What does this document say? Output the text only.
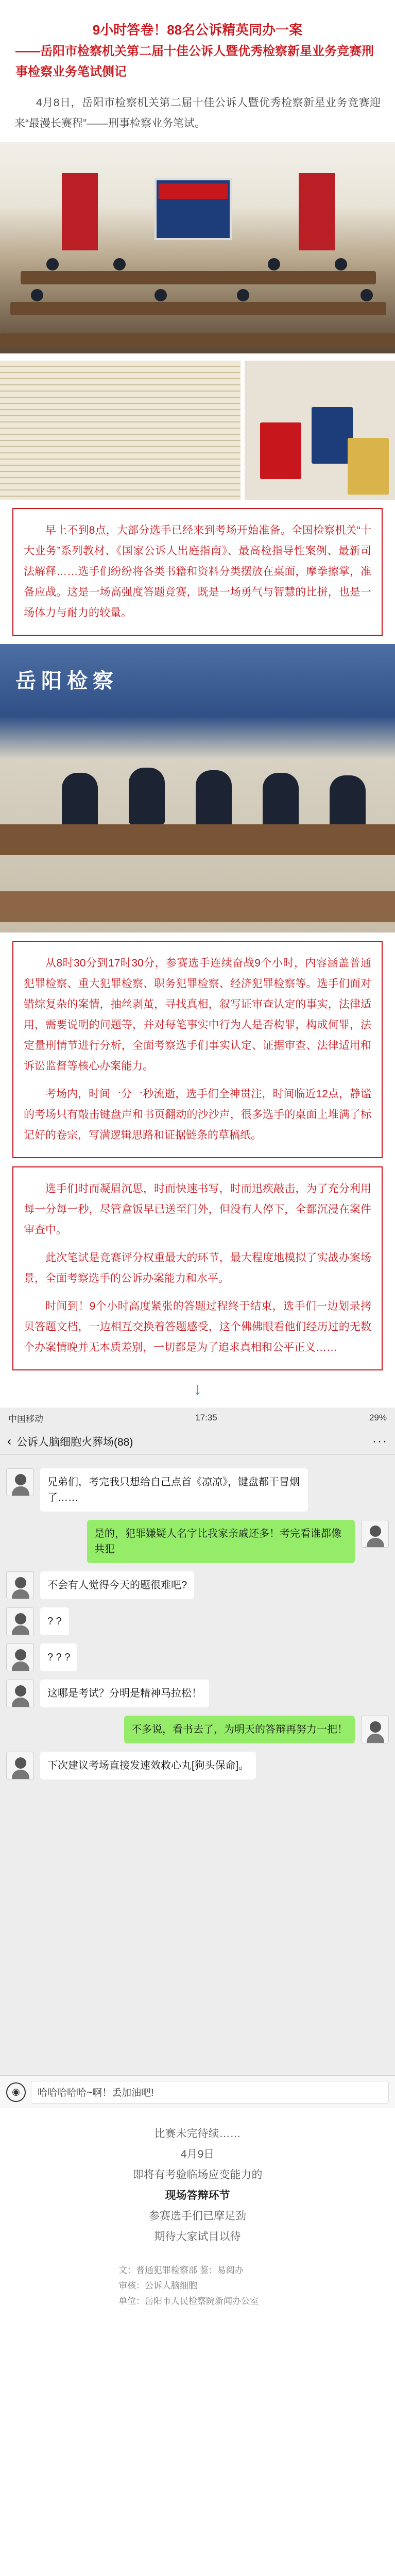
9小时答卷！88名公诉精英同办一案
——岳阳市检察机关第二届十佳公诉人暨优秀检察新星业务竞赛刑事检察业务笔试侧记

4月8日，岳阳市检察机关第二届十佳公诉人暨优秀检察新星业务竞赛迎来“最漫长赛程”——刑事检察业务笔试。

早上不到8点，大部分选手已经来到考场开始准备。全国检察机关“十大业务”系列教材、《国家公诉人出庭指南》、最高检指导性案例、最新司法解释……选手们纷纷将各类书籍和资料分类摆放在桌面，摩拳擦掌，准备应战。这是一场高强度答题竞赛，既是一场勇气与智慧的比拼，也是一场体力与耐力的较量。

岳阳检察

从8时30分到17时30分，参赛选手连续奋战9个小时，内容涵盖普通犯罪检察、重大犯罪检察、职务犯罪检察、经济犯罪检察等。选手们面对错综复杂的案情，抽丝剥茧，寻找真相，叙写证审查认定的事实，法律适用，需要说明的问题等，并对每笔事实中行为人是否构罪，构成何罪，法定量刑情节进行分析，全面考察选手们事实认定、证据审查、法律适用和诉讼监督等核心办案能力。

考场内，时间一分一秒流逝，选手们全神贯注，时间临近12点，静谧的考场只有敲击键盘声和书页翻动的沙沙声，很多选手的桌面上堆满了标记好的卷宗，写满逻辑思路和证据链条的草稿纸。

选手们时而凝眉沉思，时而快速书写，时而迅疾敲击，为了充分利用每一分每一秒，尽管盒饭早已送至门外，但没有人停下，全都沉浸在案件审查中。

此次笔试是竞赛评分权重最大的环节，最大程度地模拟了实战办案场景，全面考察选手的公诉办案能力和水平。

时间到！9个小时高度紧张的答题过程终于结束，选手们一边划录拷贝答题文档，一边相互交换着答题感受，这个佛佛眼看他们经历过的无数个办案情晚并无本质差别，一切都是为了追求真相和公平正义……

↓
中国移动	17:35	29%
‹ 公诉人脑细胞火葬场(88)	···
兄弟们，考完我只想给自己点首《凉凉》，键盘都干冒烟了……
是的，犯罪嫌疑人名字比我家亲戚还多！考完看谁都像共犯
不会有人觉得今天的题很难吧?
? ?
? ? ?
这哪是考试？分明是精神马拉松！
不多说，看书去了，为明天的答辩再努力一把！
下次建议考场直接发速效救心丸[狗头保命]。
◉	哈哈哈哈哈~啊！丢加油吧!
比赛未完待续……
4月9日
即将有考验临场应变能力的
现场答辩环节
参赛选手们已摩足劲
期待大家试目以待
文：普通犯罪检察部 鉴：易阅办
审核：公诉人脑细胞
单位：岳阳市人民检察院新闻办公室
